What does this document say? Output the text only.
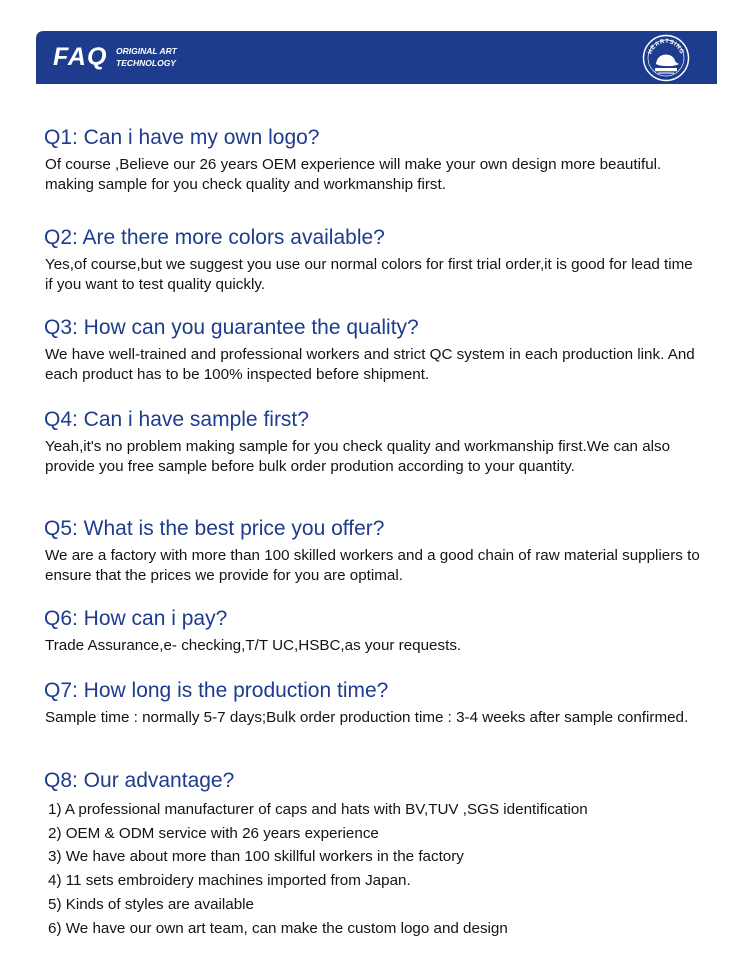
FAQ ORIGINAL ART
TECHNOLOGY
HEARTSING
Q1: Can i have my own logo?

Of course ,Believe our 26 years OEM experience will make your own design more beautiful. making sample for you check quality and workmanship first.

Q2: Are there more colors available?

Yes,of course,but we suggest you use our normal colors for first trial order,it is good for lead time if you want to test quality quickly.

Q3: How can you guarantee the quality?

We have well-trained and professional workers and strict QC system in each production link. And each product has to be 100% inspected before shipment.

Q4: Can i have sample first?

Yeah,it's no problem making sample for you check quality and workmanship first.We can also provide you free sample before bulk order prodution according to your quantity.

Q5: What is the best price you offer?

We are a factory with more than 100 skilled workers and a good chain of raw material suppliers to ensure that the prices we provide for you are optimal.

Q6: How can i pay?

Trade Assurance,e- checking,T/T UC,HSBC,as your requests.

Q7: How long is the production time?

Sample time : normally 5-7 days;Bulk order production time : 3-4 weeks after sample confirmed.

Q8: Our advantage?
1) A professional manufacturer of caps and hats with BV,TUV ,SGS identification
2) OEM & ODM service with 26 years experience
3) We have about more than 100 skillful workers in the factory
4) 11 sets embroidery machines imported from Japan.
5) Kinds of styles are available
6) We have our own art team, can make the custom logo and design
